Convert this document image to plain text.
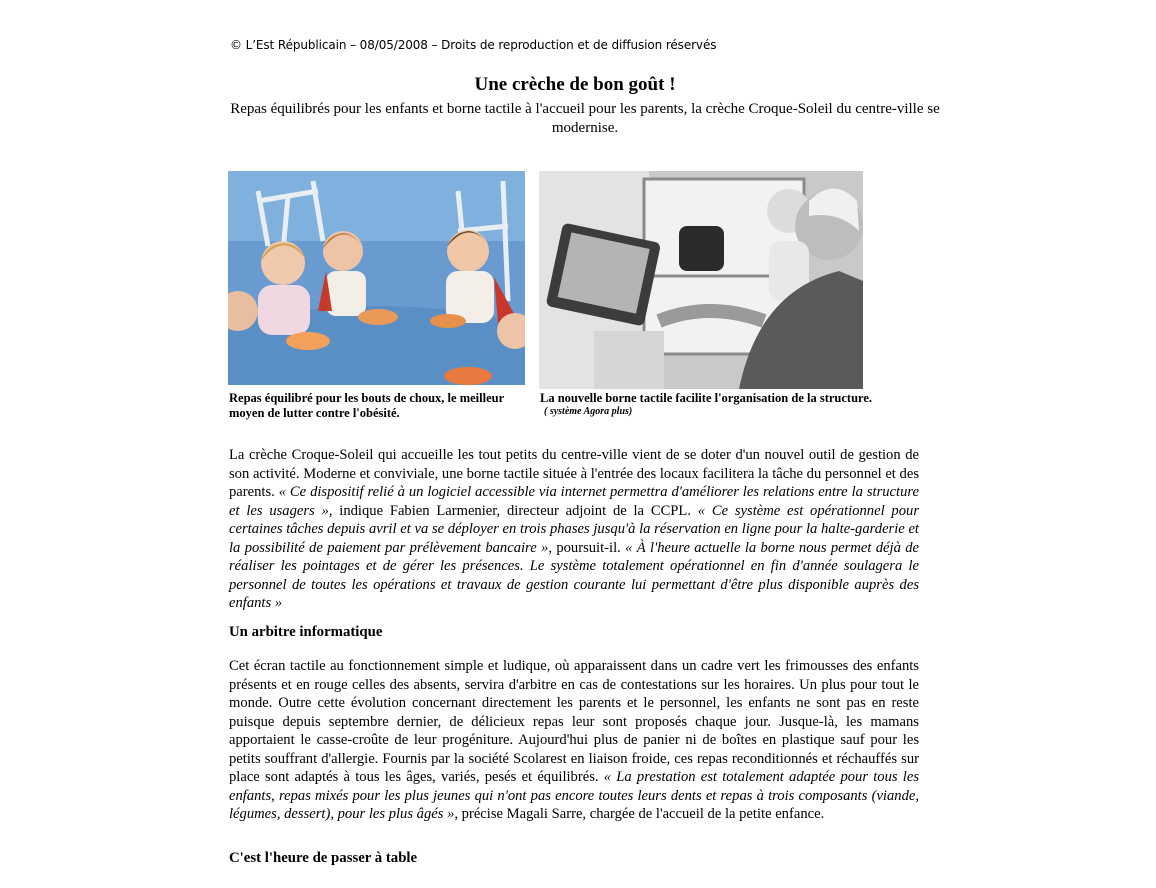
© L’Est Républicain – 08/05/2008 – Droits de reproduction et de diffusion réservés
Une crèche de bon goût !
Repas équilibrés pour les enfants et borne tactile à l'accueil pour les parents, la crèche Croque-Soleil du centre-ville se modernise.
Repas équilibré pour les bouts de choux, le meilleur moyen de lutter contre l'obésité.
La nouvelle borne tactile facilite l'organisation de la structure.
( système Agora plus)
La crèche Croque-Soleil qui accueille les tout petits du centre-ville vient de se doter d'un nouvel outil de gestion de son activité. Moderne et conviviale, une borne tactile située à l'entrée des locaux facilitera la tâche du personnel et des parents. « Ce dispositif relié à un logiciel accessible via internet permettra d'améliorer les relations entre la structure et les usagers », indique Fabien Larmenier, directeur adjoint de la CCPL. « Ce système est opérationnel pour certaines tâches depuis avril et va se déployer en trois phases jusqu'à la réservation en ligne pour la halte-garderie et la possibilité de paiement par prélèvement bancaire », poursuit-il. « À l'heure actuelle la borne nous permet déjà de réaliser les pointages et de gérer les présences. Le système totalement opérationnel en fin d'année soulagera le personnel de toutes les opérations et travaux de gestion courante lui permettant d'être plus disponible auprès des enfants »
Un arbitre informatique
Cet écran tactile au fonctionnement simple et ludique, où apparaissent dans un cadre vert les frimousses des enfants présents et en rouge celles des absents, servira d'arbitre en cas de contestations sur les horaires. Un plus pour tout le monde. Outre cette évolution concernant directement les parents et le personnel, les enfants ne sont pas en reste puisque depuis septembre dernier, de délicieux repas leur sont proposés chaque jour. Jusque-là, les mamans apportaient le casse-croûte de leur progéniture. Aujourd'hui plus de panier ni de boîtes en plastique sauf pour les petits souffrant d'allergie. Fournis par la société Scolarest en liaison froide, ces repas reconditionnés et réchauffés sur place sont adaptés à tous les âges, variés, pesés et équilibrés. « La prestation est totalement adaptée pour tous les enfants, repas mixés pour les plus jeunes qui n'ont pas encore toutes leurs dents et repas à trois composants (viande, légumes, dessert), pour les plus âgés », précise Magali Sarre, chargée de l'accueil de la petite enfance.
C'est l'heure de passer à table
